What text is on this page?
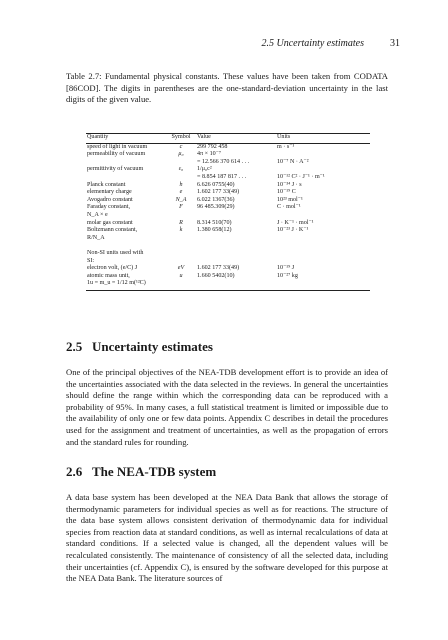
2.5 Uncertainty estimates	31

Table 2.7: Fundamental physical constants. These values have been taken from CODATA [86COD]. The digits in parentheses are the one-standard-deviation uncertainty in the last digits of the given value.

Quantity	Symbol	Value	Units
speed of light in vacuum	c	299 792 458	m · s⁻¹
permeability of vacuum	μ₀	4π × 10⁻⁷	
		= 12.566 370 614 . . .	10⁻⁷ N · A⁻²
permittivity of vacuum	ε₀	1/μ₀c²	
		= 8.854 187 817 . . .	10⁻¹² C² · J⁻¹ · m⁻¹
Planck constant	h	6.626 0755(40)	10⁻³⁴ J · s
elementary charge	e	1.602 177 33(49)	10⁻¹⁹ C
Avogadro constant	N_A	6.022 1367(36)	10²³ mol⁻¹
Faraday constant,	F	96 485.309(29)	C · mol⁻¹
N_A × e			
molar gas constant	R	8.314 510(70)	J · K⁻¹ · mol⁻¹
Boltzmann constant,	k	1.380 658(12)	10⁻²³ J · K⁻¹
R/N_A			

Non-SI units used with			
SI:			
electron volt, (e/C) J	eV	1.602 177 33(49)	10⁻¹⁹ J
atomic mass unit,	u	1.660 5402(10)	10⁻²⁷ kg
1u = m_u = 1/12 m(¹²C)			
2.5 Uncertainty estimates

One of the principal objectives of the NEA-TDB development effort is to provide an idea of the uncertainties associated with the data selected in the reviews. In general the uncertainties should define the range within which the corresponding data can be reproduced with a probability of 95%. In many cases, a full statistical treatment is limited or impossible due to the availability of only one or few data points. Appendix C describes in detail the procedures used for the assignment and treatment of uncertainties, as well as the propagation of errors and the standard rules for rounding.

2.6 The NEA-TDB system

A data base system has been developed at the NEA Data Bank that allows the storage of thermodynamic parameters for individual species as well as for reactions. The structure of the data base system allows consistent derivation of thermodynamic data for individual species from reaction data at standard conditions, as well as internal recalculations of data at standard conditions. If a selected value is changed, all the dependent values will be recalculated consistently. The maintenance of consistency of all the selected data, including their uncertainties (cf. Appendix C), is ensured by the software developed for this purpose at the NEA Data Bank. The literature sources of
